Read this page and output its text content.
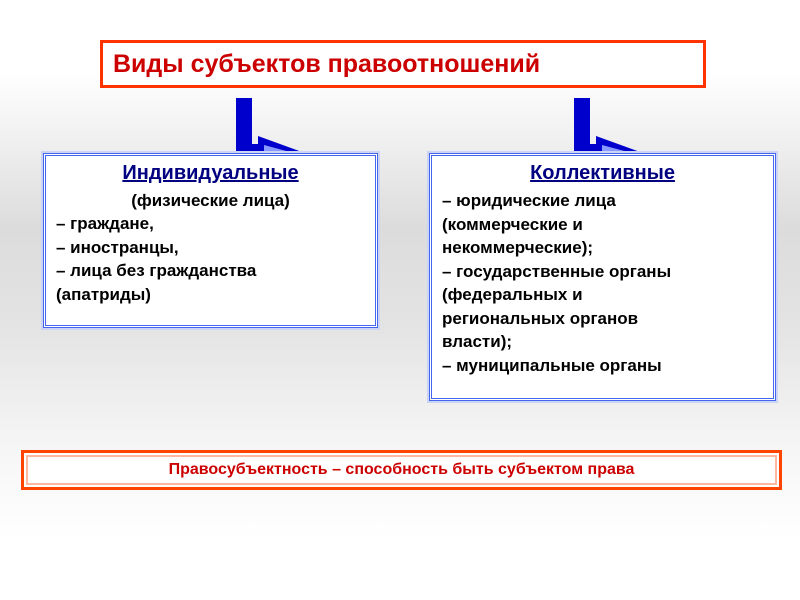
Виды субъектов правоотношений
Индивидуальные
(физические лица)
– граждане,
– иностранцы,
– лица без гражданства
(апатриды)
Коллективные
– юридические лица
(коммерческие и
некоммерческие);
– государственные органы
(федеральных и
региональных органов
власти);
– муниципальные органы
Правосубъектность – способность быть субъектом права
